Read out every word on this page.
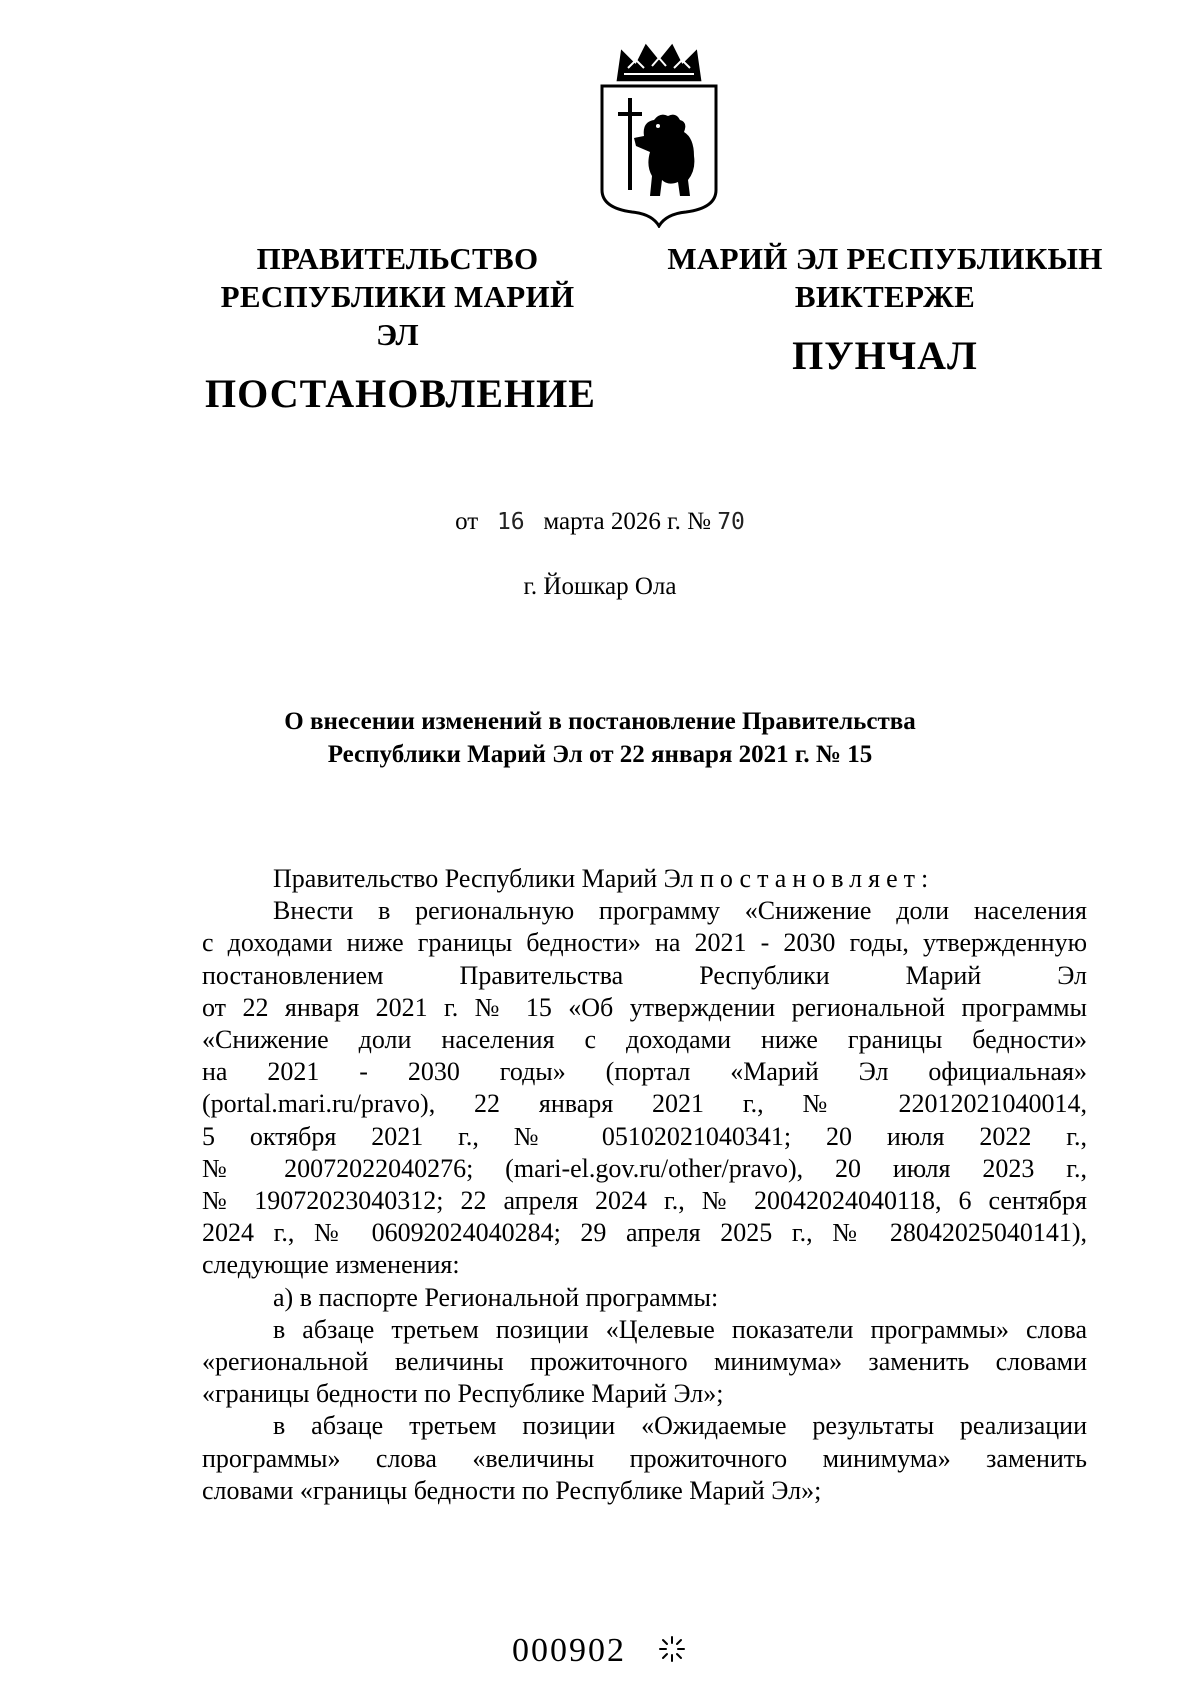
ПРАВИТЕЛЬСТВО
РЕСПУБЛИКИ МАРИЙ ЭЛ
ПОСТАНОВЛЕНИЕ
МАРИЙ ЭЛ РЕСПУБЛИКЫН
ВИКТЕРЖЕ
ПУНЧАЛ
от 16 марта 2026 г. № 70
г. Йошкар Ола
О внесении изменений в постановление Правительства
Республики Марий Эл от 22 января 2021 г. № 15

Правительство Республики Марий Эл постановляет:

Внести в региональную программу «Снижение доли населения

с доходами ниже границы бедности» на 2021 - 2030 годы, утвержденную

постановлением Правительства Республики Марий Эл

от 22 января 2021 г. № 15 «Об утверждении региональной программы

«Снижение доли населения с доходами ниже границы бедности»

на 2021 - 2030 годы» (портал «Марий Эл официальная»

(portal.mari.ru/pravo), 22 января 2021 г., № 22012021040014,

5 октября 2021 г., № 05102021040341; 20 июля 2022 г.,

№ 20072022040276; (mari-el.gov.ru/other/pravo), 20 июля 2023 г.,

№ 19072023040312; 22 апреля 2024 г., № 20042024040118, 6 сентября

2024 г., № 06092024040284; 29 апреля 2025 г., № 28042025040141),

следующие изменения:

а) в паспорте Региональной программы:

в абзаце третьем позиции «Целевые показатели программы» слова

«региональной величины прожиточного минимума» заменить словами

«границы бедности по Республике Марий Эл»;

в абзаце третьем позиции «Ожидаемые результаты реализации

программы» слова «величины прожиточного минимума» заменить

словами «границы бедности по Республике Марий Эл»;

000902
